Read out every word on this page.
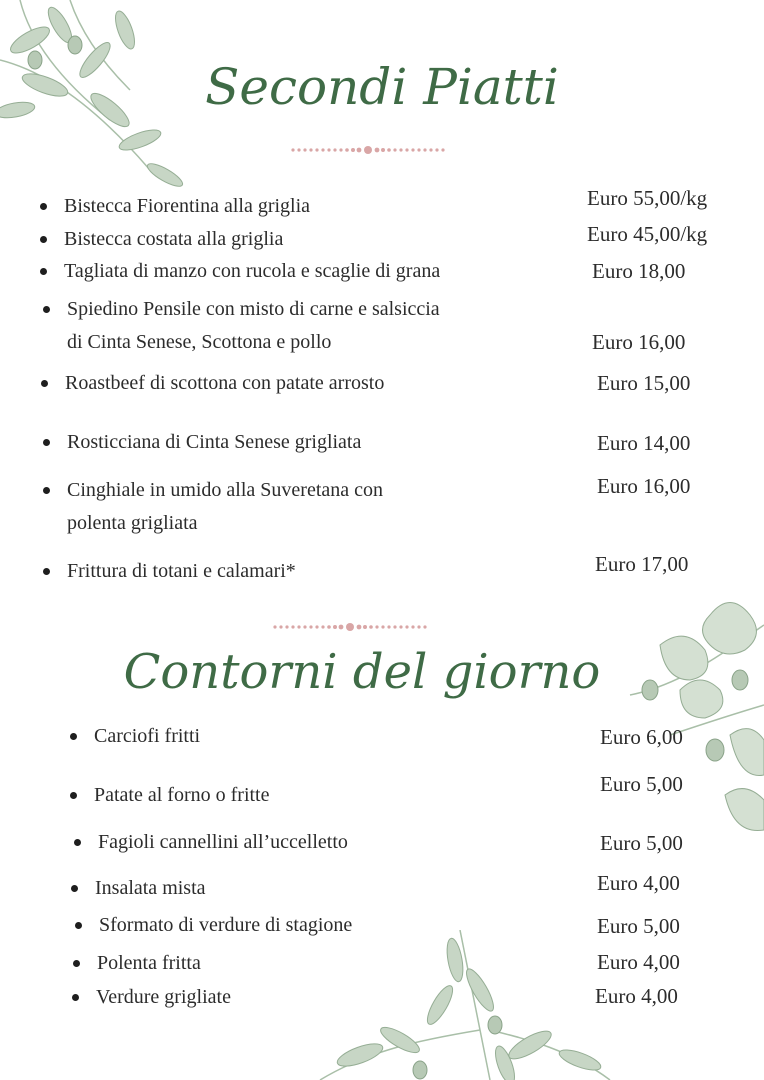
Secondi Piatti
Bistecca Fiorentina alla griglia	Euro 55,00/kg
Bistecca costata alla griglia	Euro 45,00/kg
Tagliata di manzo con rucola e scaglie di grana	Euro 18,00
Spiedino Pensile con misto di carne e salsiccia
di Cinta Senese, Scottona e pollo	Euro 16,00
Roastbeef di scottona con patate arrosto	Euro 15,00
Rosticciana di Cinta Senese grigliata	Euro 14,00
Cinghiale in umido alla Suveretana con
polenta grigliata
Euro 16,00
Frittura di totani e calamari*	Euro 17,00
Contorni del giorno
Carciofi fritti	Euro 6,00
Patate al forno o fritte	Euro 5,00
Fagioli cannellini all’uccelletto	Euro 5,00
Insalata mista	Euro 4,00
Sformato di verdure di stagione	Euro 5,00
Polenta fritta	Euro 4,00
Verdure grigliate	Euro 4,00
